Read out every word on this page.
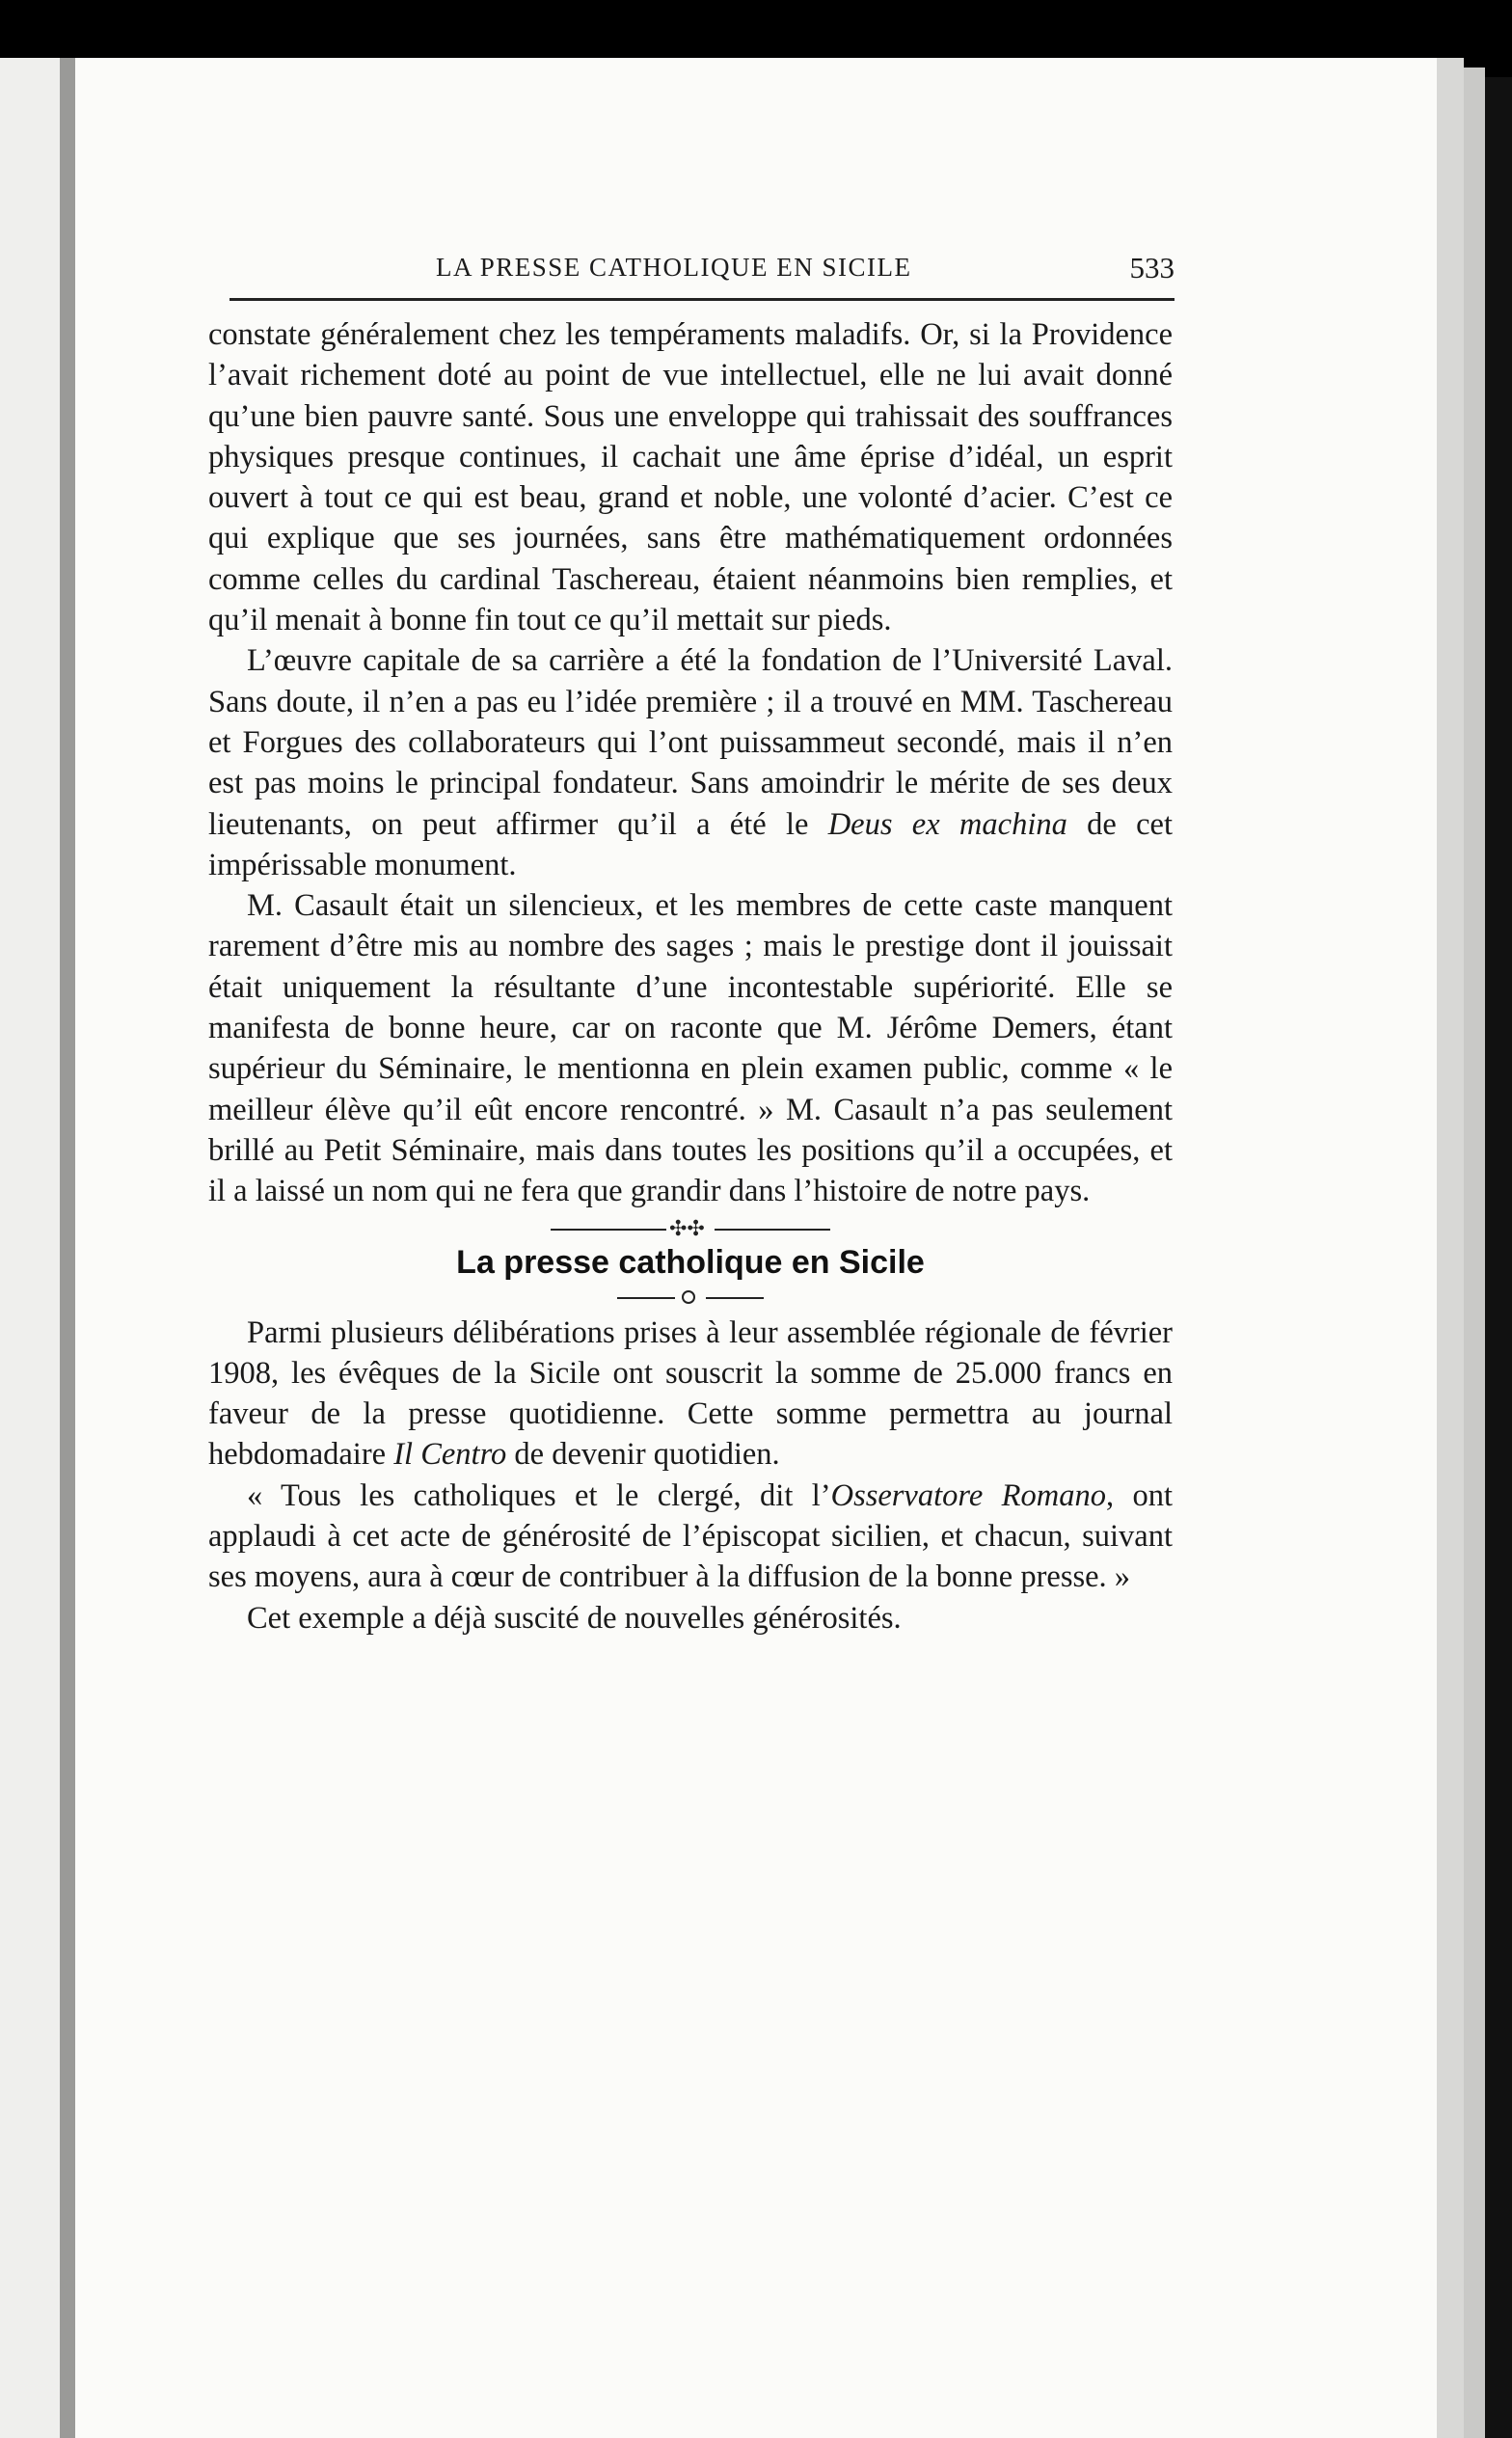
LA PRESSE CATHOLIQUE EN SICILE	533

constate généralement chez les tempéraments maladifs. Or, si la Providence l’avait richement doté au point de vue intellectuel, elle ne lui avait donné qu’une bien pauvre santé. Sous une enveloppe qui trahissait des souffrances physiques presque continues, il cachait une âme éprise d’idéal, un esprit ouvert à tout ce qui est beau, grand et noble, une volonté d’acier. C’est ce qui explique que ses journées, sans être mathématiquement ordonnées comme celles du cardinal Taschereau, étaient néanmoins bien remplies, et qu’il menait à bonne fin tout ce qu’il mettait sur pieds.

L’œuvre capitale de sa carrière a été la fondation de l’Université Laval. Sans doute, il n’en a pas eu l’idée première ; il a trouvé en MM. Taschereau et Forgues des collaborateurs qui l’ont puissammeut secondé, mais il n’en est pas moins le principal fondateur. Sans amoindrir le mérite de ses deux lieutenants, on peut affirmer qu’il a été le Deus ex machina de cet impérissable monument.

M. Casault était un silencieux, et les membres de cette caste manquent rarement d’être mis au nombre des sages ; mais le prestige dont il jouissait était uniquement la résultante d’une incontestable supériorité. Elle se manifesta de bonne heure, car on raconte que M. Jérôme Demers, étant supérieur du Séminaire, le mentionna en plein examen public, comme « le meilleur élève qu’il eût encore rencontré. » M. Casault n’a pas seulement brillé au Petit Séminaire, mais dans toutes les positions qu’il a occupées, et il a laissé un nom qui ne fera que grandir dans l’histoire de notre pays.

✣✣
La presse catholique en Sicile

Parmi plusieurs délibérations prises à leur assemblée régionale de février 1908, les évêques de la Sicile ont souscrit la somme de 25.000 francs en faveur de la presse quotidienne. Cette somme permettra au journal hebdomadaire Il Centro de devenir quotidien.

« Tous les catholiques et le clergé, dit l’Osservatore Romano, ont applaudi à cet acte de générosité de l’épiscopat sicilien, et chacun, suivant ses moyens, aura à cœur de contribuer à la diffusion de la bonne presse. »

Cet exemple a déjà suscité de nouvelles générosités.
